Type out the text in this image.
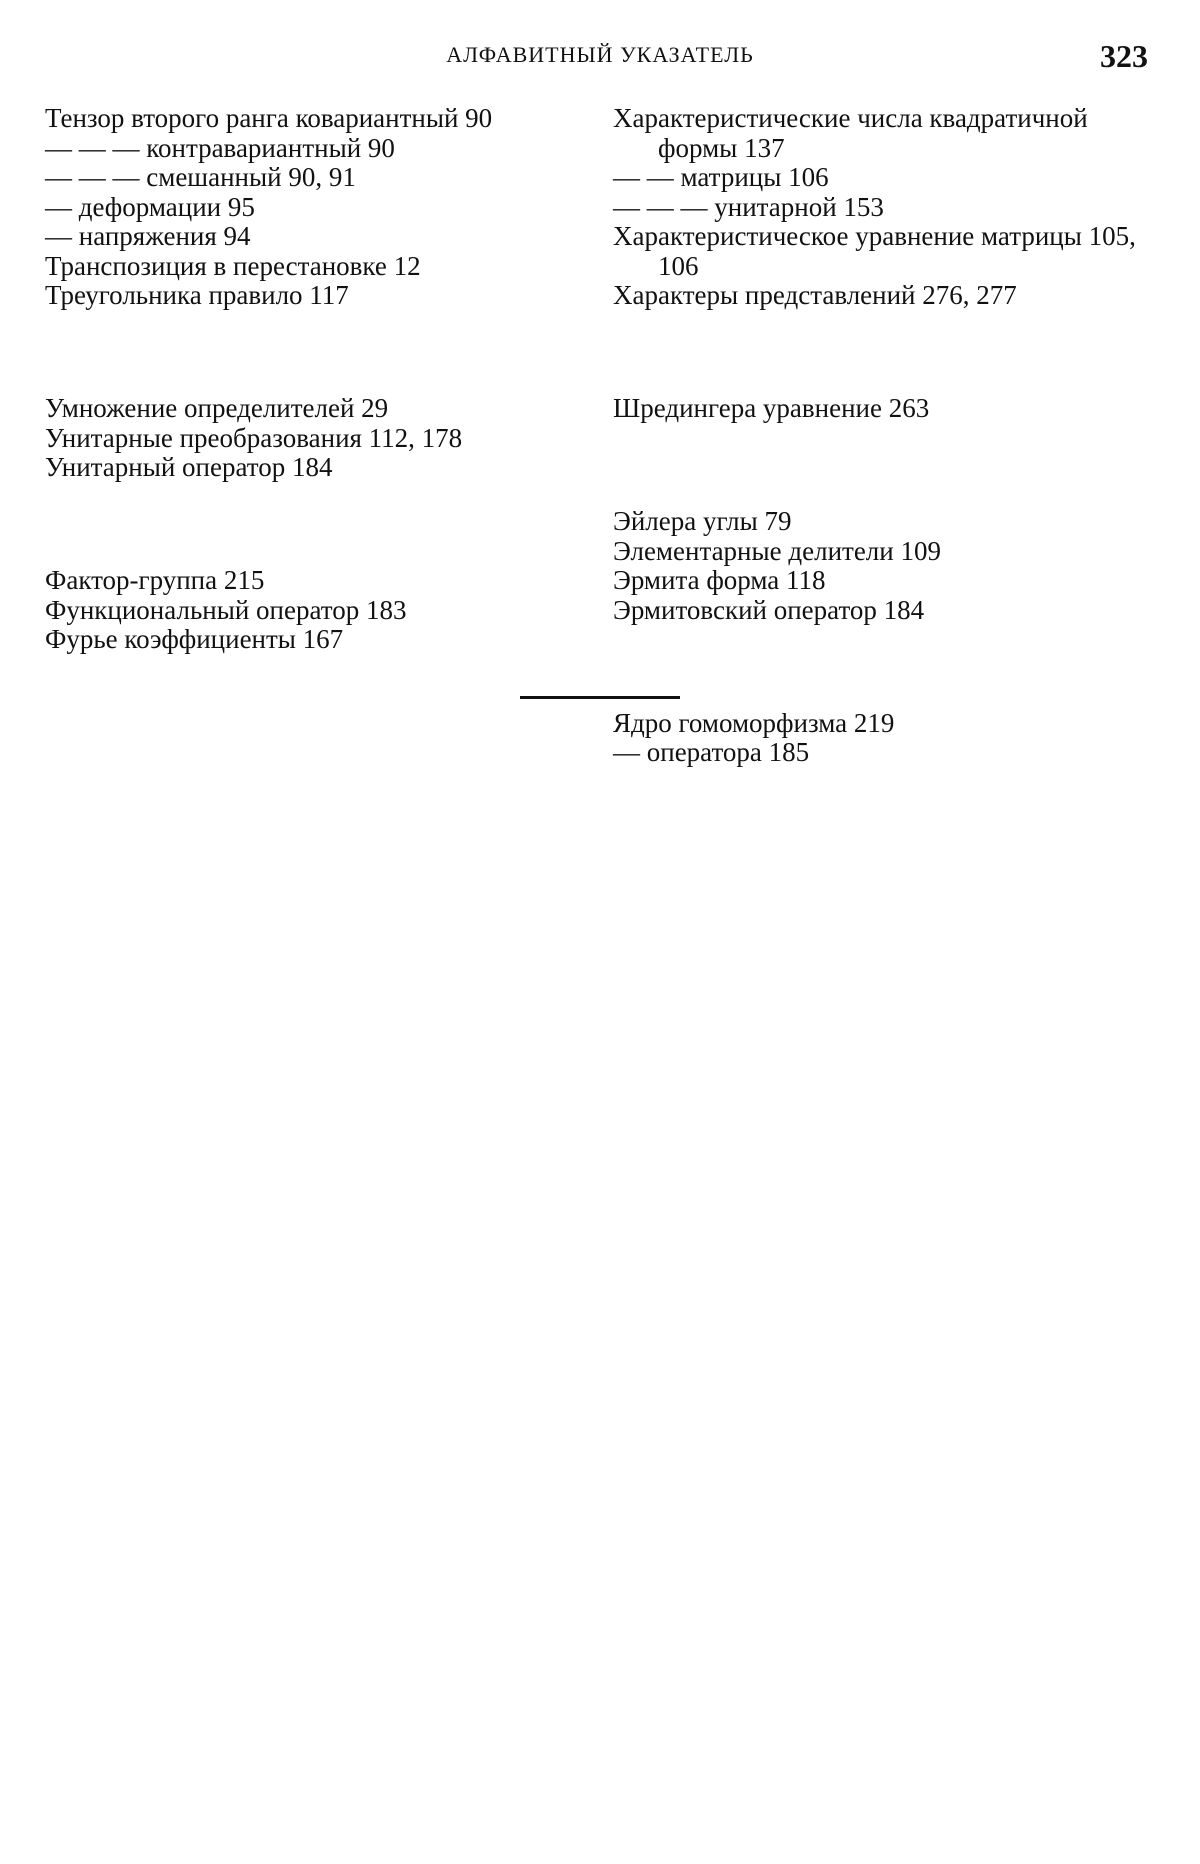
АЛФАВИТНЫЙ УКАЗАТЕЛЬ	323

Тензор второго ранга ковариантный 90

— — — контравариантный 90

— — — смешанный 90, 91

— деформации 95

— напряжения 94

Транспозиция в перестановке 12

Треугольника правило 117

Умножение определителей 29

Унитарные преобразования 112, 178

Унитарный оператор 184

Фактор-группа 215

Функциональный оператор 183

Фурье коэффициенты 167

Характеристические числа квадратичной формы 137

— — матрицы 106

— — — унитарной 153

Характеристическое уравнение матрицы 105, 106

Характеры представлений 276, 277

Шредингера уравнение 263

Эйлера углы 79

Элементарные делители 109

Эрмита форма 118

Эрмитовский оператор 184

Ядро гомоморфизма 219

— оператора 185
